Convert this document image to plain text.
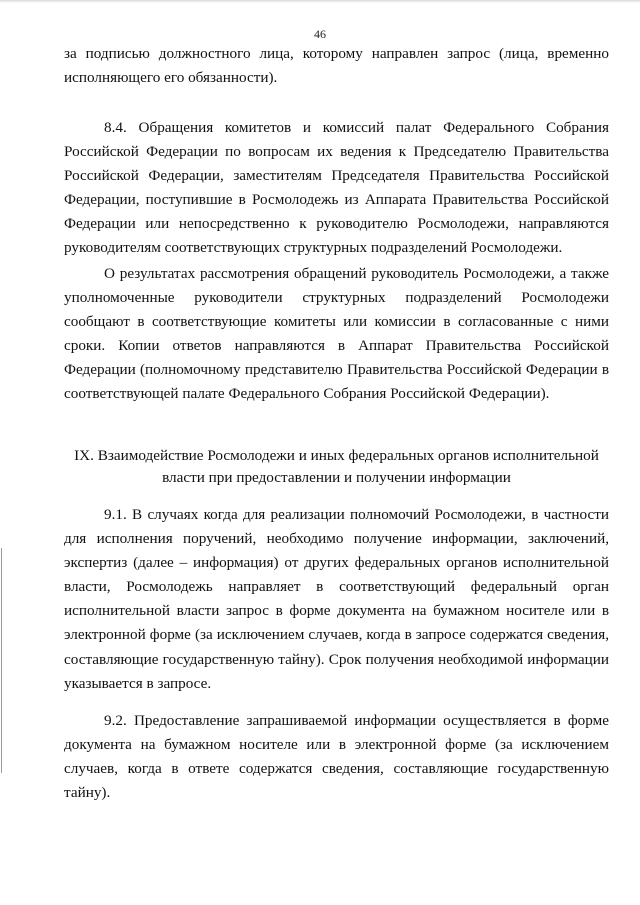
46

за подписью должностного лица, которому направлен запрос (лица, временно исполняющего его обязанности).

8.4. Обращения комитетов и комиссий палат Федерального Собрания Российской Федерации по вопросам их ведения к Председателю Правительства Российской Федерации, заместителям Председателя Правительства Российской Федерации, поступившие в Росмолодежь из Аппарата Правительства Российской Федерации или непосредственно к руководителю Росмолодежи, направляются руководителям соответствующих структурных подразделений Росмолодежи.

О результатах рассмотрения обращений руководитель Росмолодежи, а также уполномоченные руководители структурных подразделений Росмолодежи сообщают в соответствующие комитеты или комиссии в согласованные с ними сроки. Копии ответов направляются в Аппарат Правительства Российской Федерации (полномочному представителю Правительства Российской Федерации в соответствующей палате Федерального Собрания Российской Федерации).

IX. Взаимодействие Росмолодежи и иных федеральных органов исполнительной власти при предоставлении и получении информации

9.1. В случаях когда для реализации полномочий Росмолодежи, в частности для исполнения поручений, необходимо получение информации, заключений, экспертиз (далее – информация) от других федеральных органов исполнительной власти, Росмолодежь направляет в соответствующий федеральный орган исполнительной власти запрос в форме документа на бумажном носителе или в электронной форме (за исключением случаев, когда в запросе содержатся сведения, составляющие государственную тайну). Срок получения необходимой информации указывается в запросе.

9.2. Предоставление запрашиваемой информации осуществляется в форме документа на бумажном носителе или в электронной форме (за исключением случаев, когда в ответе содержатся сведения, составляющие государственную тайну).
